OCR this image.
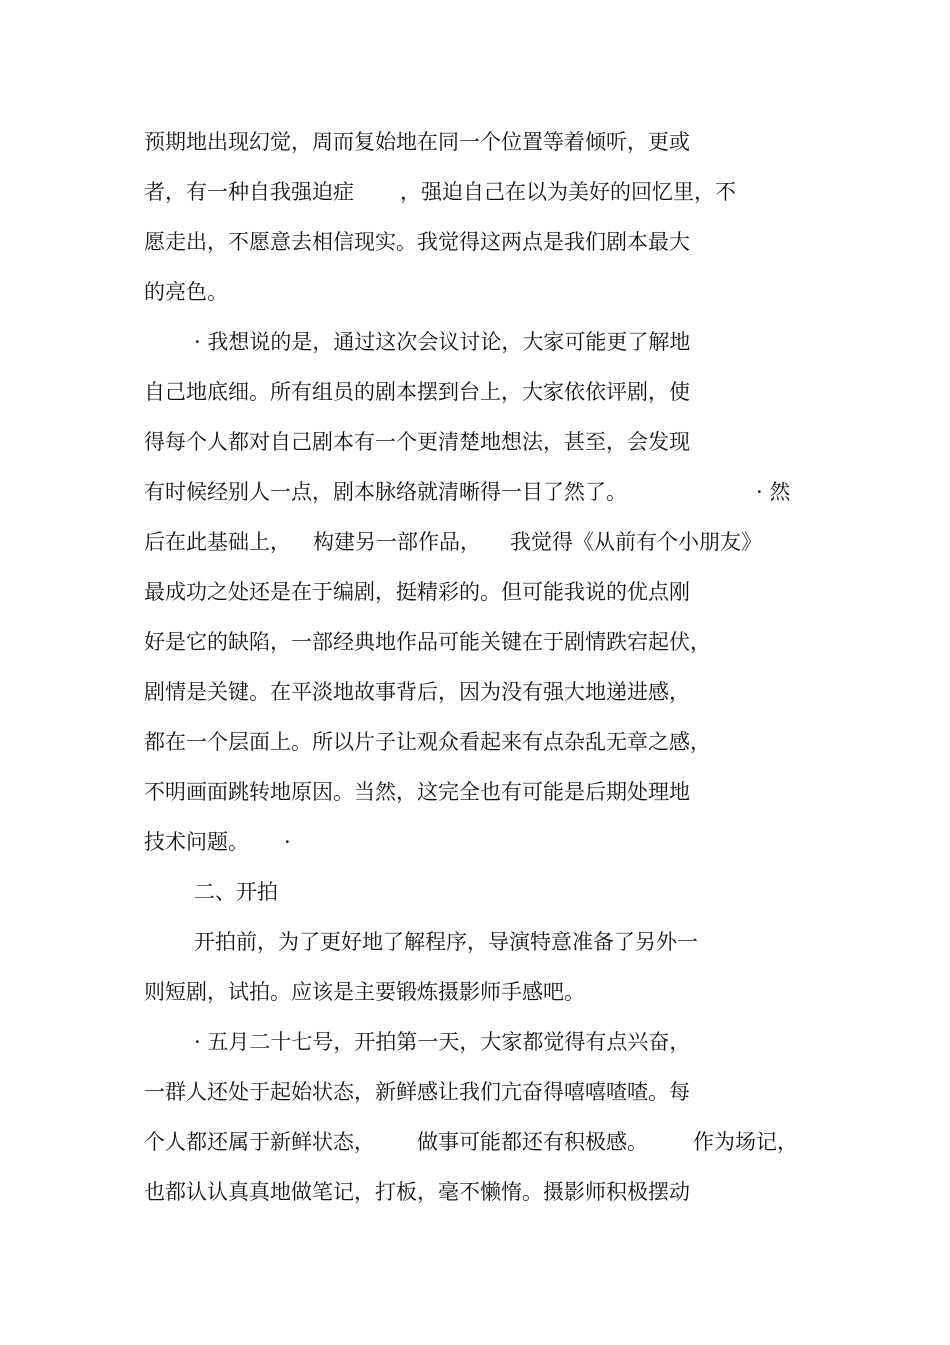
预期地出现幻觉，周而复始地在同一个位置等着倾听，更或

者，有一种自我强迫症

，强迫自己在以为美好的回忆里，不

愿走出，不愿意去相信现实。我觉得这两点是我们剧本最大

的亮色。

· 我想说的是，通过这次会议讨论，大家可能更了解地

自己地底细。所有组员的剧本摆到台上，大家依依评剧，使

得每个人都对自己剧本有一个更清楚地想法，甚至，会发现

有时候经别人一点，剧本脉络就清晰得一目了然了。

	· 然

后在此基础上，

构建另一部作品，

我觉得《从前有个小朋友》

最成功之处还是在于编剧，挺精彩的。但可能我说的优点刚

好是它的缺陷，一部经典地作品可能关键在于剧情跌宕起伏，

剧情是关键。在平淡地故事背后，因为没有强大地递进感，

都在一个层面上。所以片子让观众看起来有点杂乱无章之感，

不明画面跳转地原因。当然，这完全也有可能是后期处理地

技术问题。

·

二、开拍

开拍前，为了更好地了解程序，导演特意准备了另外一

则短剧，试拍。应该是主要锻炼摄影师手感吧。

· 五月二十七号，开拍第一天，大家都觉得有点兴奋，

一群人还处于起始状态，新鲜感让我们亢奋得嘻嘻喳喳。每

个人都还属于新鲜状态，

做事可能都还有积极感。

作为场记，

也都认认真真地做笔记，打板，毫不懒惰。摄影师积极摆动
